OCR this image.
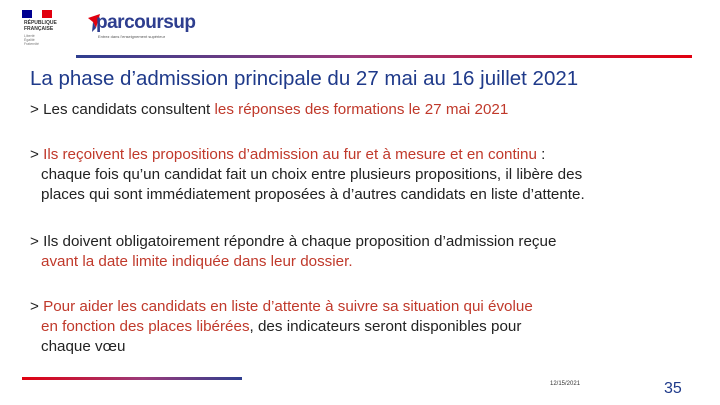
RÉPUBLIQUE
FRANÇAISE
Liberté
Égalité
Fraternité
parcoursup
Entrez dans l'enseignement supérieur
La phase d’admission principale du 27 mai au 16 juillet 2021
> Les candidats consultent les réponses des formations le 27 mai 2021
> Ils reçoivent les propositions d’admission au fur et à mesure et en continu :
chaque fois qu’un candidat fait un choix entre plusieurs propositions, il libère des
places qui sont immédiatement proposées à d’autres candidats en liste d’attente.
> Ils doivent obligatoirement répondre à chaque proposition d’admission reçue
avant la date limite indiquée dans leur dossier.
> Pour aider les candidats en liste d’attente à suivre sa situation qui évolue
en fonction des places libérées, des indicateurs seront disponibles pour
chaque vœu
12/15/2021	35
